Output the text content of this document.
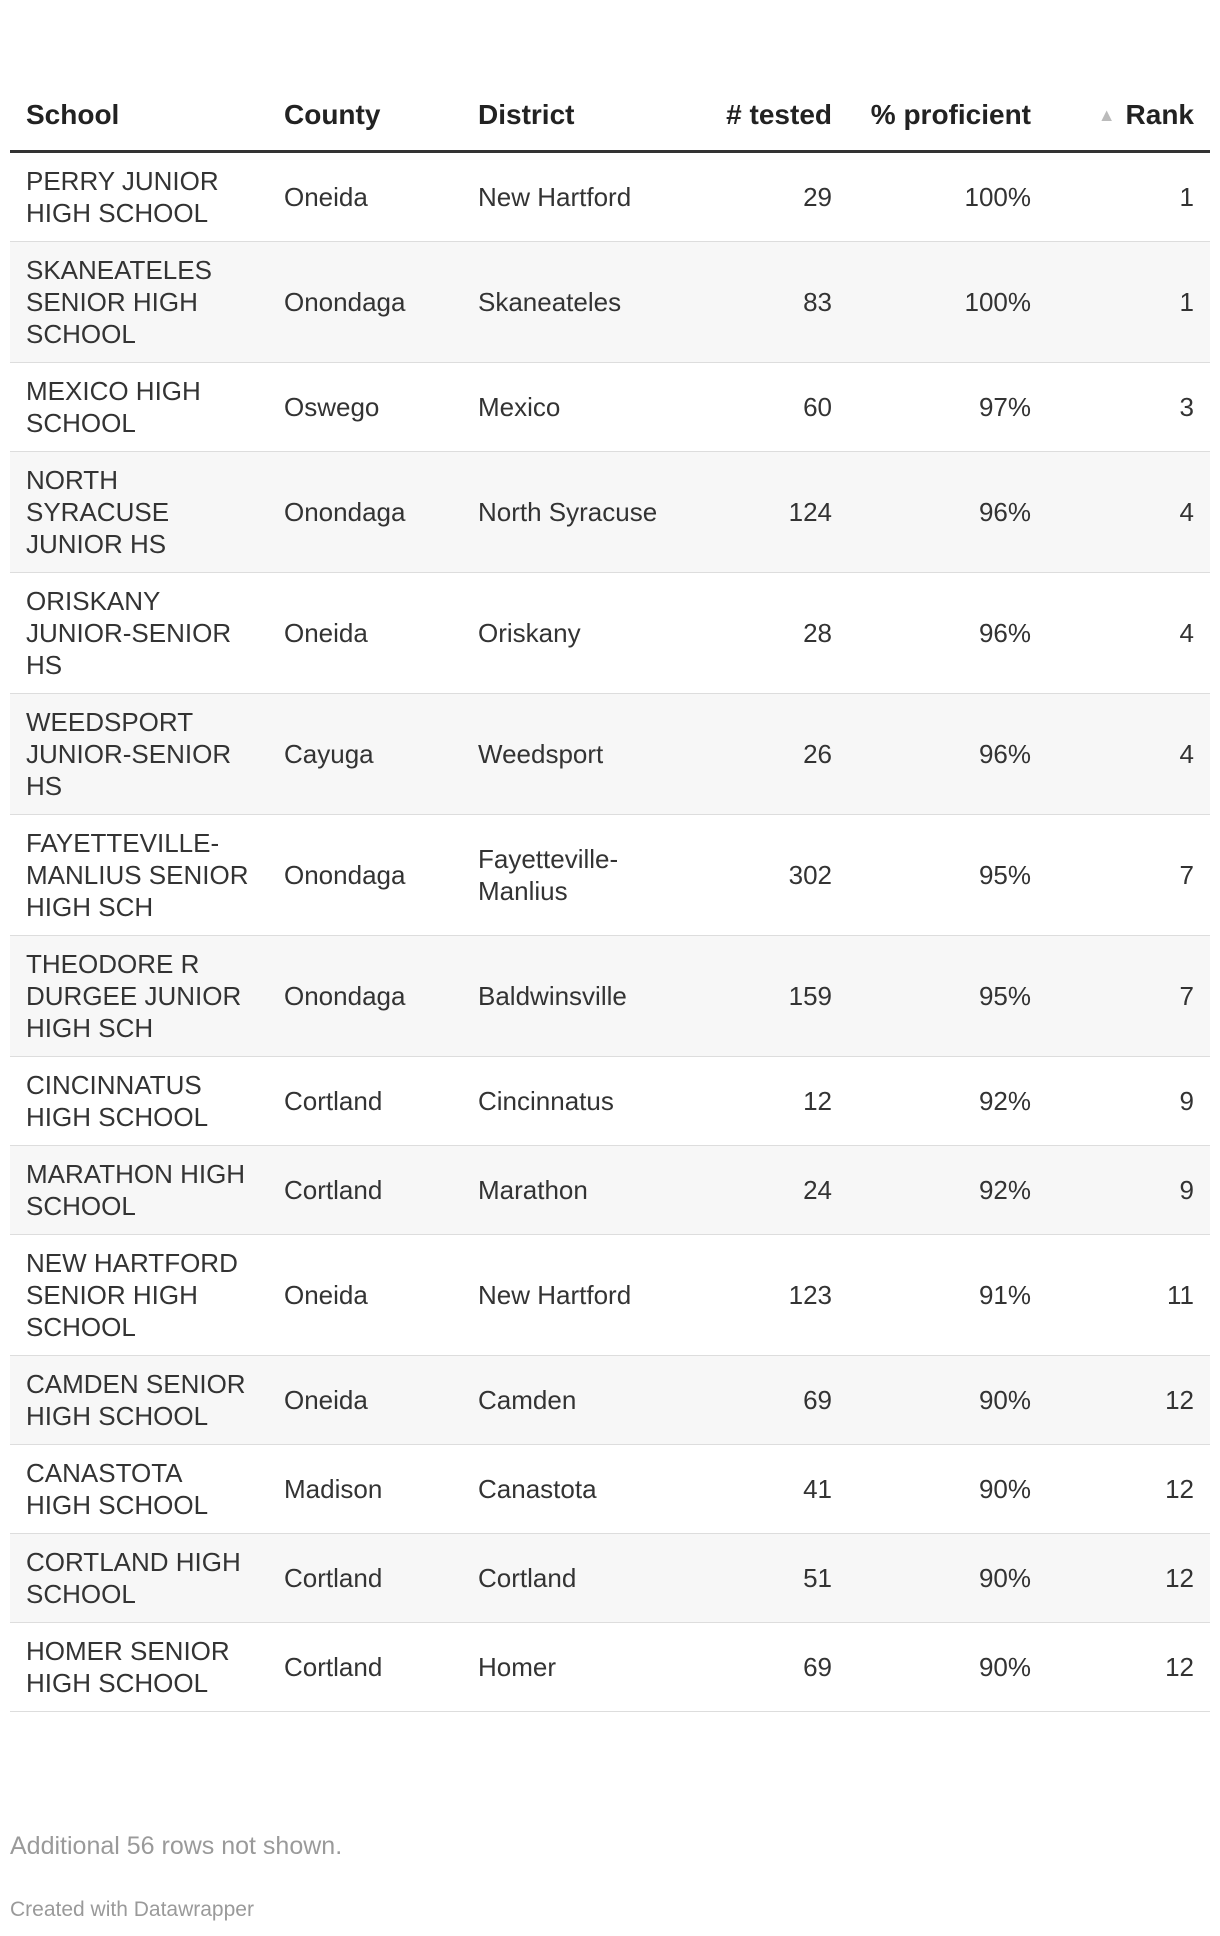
School	County	District	# tested	% proficient	▲ Rank
PERRY JUNIOR HIGH SCHOOL	Oneida	New Hartford	29	100%	1
SKANEATELES SENIOR HIGH SCHOOL	Onondaga	Skaneateles	83	100%	1
MEXICO HIGH SCHOOL	Oswego	Mexico	60	97%	3
NORTH SYRACUSE JUNIOR HS	Onondaga	North Syracuse	124	96%	4
ORISKANY JUNIOR-SENIOR HS	Oneida	Oriskany	28	96%	4
WEEDSPORT JUNIOR-SENIOR HS	Cayuga	Weedsport	26	96%	4
FAYETTEVILLE-MANLIUS SENIOR HIGH SCH	Onondaga	Fayetteville-Manlius	302	95%	7
THEODORE R DURGEE JUNIOR HIGH SCH	Onondaga	Baldwinsville	159	95%	7
CINCINNATUS HIGH SCHOOL	Cortland	Cincinnatus	12	92%	9
MARATHON HIGH SCHOOL	Cortland	Marathon	24	92%	9
NEW HARTFORD SENIOR HIGH SCHOOL	Oneida	New Hartford	123	91%	11
CAMDEN SENIOR HIGH SCHOOL	Oneida	Camden	69	90%	12
CANASTOTA HIGH SCHOOL	Madison	Canastota	41	90%	12
CORTLAND HIGH SCHOOL	Cortland	Cortland	51	90%	12
HOMER SENIOR HIGH SCHOOL	Cortland	Homer	69	90%	12
Additional 56 rows not shown.
Created with Datawrapper
